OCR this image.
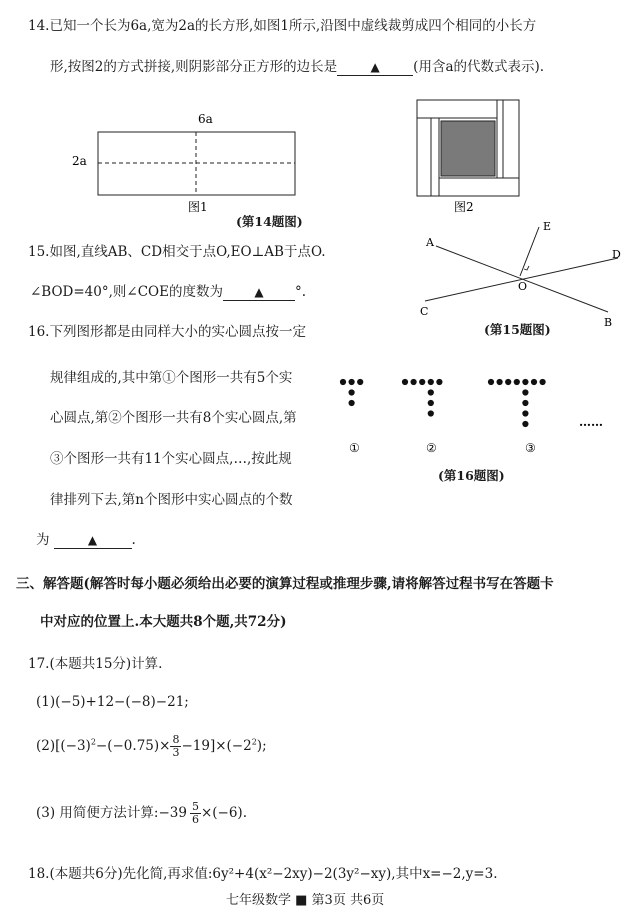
14.已知一个长为6a,宽为2a的长方形,如图1所示,沿图中虚线裁剪成四个相同的小长方
形,按图2的方式拼接,则阴影部分正方形的边长是	▲ (用含a的代数式表示).
6a
2a
图1	图2
(第14题图)
15.如图,直线AB、CD相交于点O,EO⊥AB于点O.
∠BOD=40°,则∠COE的度数为	▲ °.
A
B
C
D
E
O
(第15题图)
16.下列图形都是由同样大小的实心圆点按一定
规律组成的,其中第①个图形一共有5个实
心圆点,第②个图形一共有8个实心圆点,第
③个图形一共有11个实心圆点,…,按此规
律排列下去,第n个图形中实心圆点的个数
为	▲	.
①	②	③
……
(第16题图)
三、解答题(解答时每小题必须给出必要的演算过程或推理步骤,请将解答过程书写在答题卡
中对应的位置上.本大题共8个题,共72分)
17.(本题共15分)计算.
(1)(−5)+12−(−8)−21;
$(2)[(-3)^2-(-0.75)\times \frac{8}{3} -19]\times(-2^2)$;
(3) 用简便方法计算:−39 $\frac{5}{6} \times(-6)$.
18.(本题共6分)先化简,再求值:6y²+4(x²−2xy)−2(3y²−xy),其中x=−2,y=3.
七年级数学 ■ 第3页 共6页
